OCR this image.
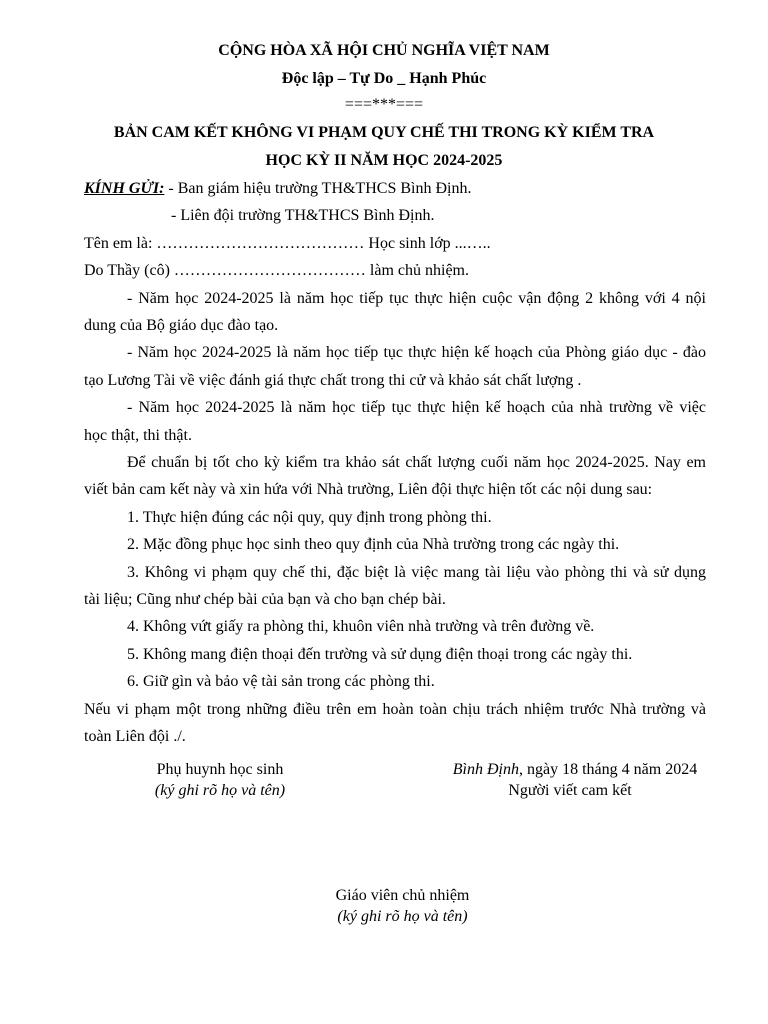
CỘNG HÒA XÃ HỘI CHỦ NGHĨA VIỆT NAM
Độc lập – Tự Do _ Hạnh Phúc
===***===
BẢN CAM KẾT KHÔNG VI PHẠM QUY CHẾ THI TRONG KỲ KIỂM TRA
HỌC KỲ II NĂM HỌC 2024-2025
KÍNH GỬI: - Ban giám hiệu trường TH&THCS Bình Định.
- Liên đội trường TH&THCS Bình Định.
Tên em là: ………………………………… Học sinh lớp ...…..
Do Thầy (cô) ……………………………… làm chủ nhiệm.
- Năm học 2024-2025 là năm học tiếp tục thực hiện cuộc vận động 2 không với 4 nội
dung của Bộ giáo dục đào tạo.
- Năm học 2024-2025 là năm học tiếp tục thực hiện kế hoạch của Phòng giáo dục - đào
tạo Lương Tài về việc đánh giá thực chất trong thi cử và khảo sát chất lượng .
- Năm học 2024-2025 là năm học tiếp tục thực hiện kế hoạch của nhà trường về việc
học thật, thi thật.
Để chuẩn bị tốt cho kỳ kiểm tra khảo sát chất lượng cuối năm học 2024-2025. Nay em
viết bản cam kết này và xin hứa với Nhà trường, Liên đội thực hiện tốt các nội dung sau:
1. Thực hiện đúng các nội quy, quy định trong phòng thi.
2. Mặc đồng phục học sinh theo quy định của Nhà trường trong các ngày thi.
3. Không vi phạm quy chế thi, đặc biệt là việc mang tài liệu vào phòng thi và sử dụng
tài liệu; Cũng như chép bài của bạn và cho bạn chép bài.
4. Không vứt giấy ra phòng thi, khuôn viên nhà trường và trên đường về.
5. Không mang điện thoại đến trường và sử dụng điện thoại trong các ngày thi.
6. Giữ gìn và bảo vệ tài sản trong các phòng thi.
Nếu vi phạm một trong những điều trên em hoàn toàn chịu trách nhiệm trước Nhà trường và
toàn Liên đội ./.
Phụ huynh học sinh
(ký ghi rõ họ và tên)
Bình Định, ngày 18 tháng 4 năm 2024
Người viết cam kết
Giáo viên chủ nhiệm
(ký ghi rõ họ và tên)
